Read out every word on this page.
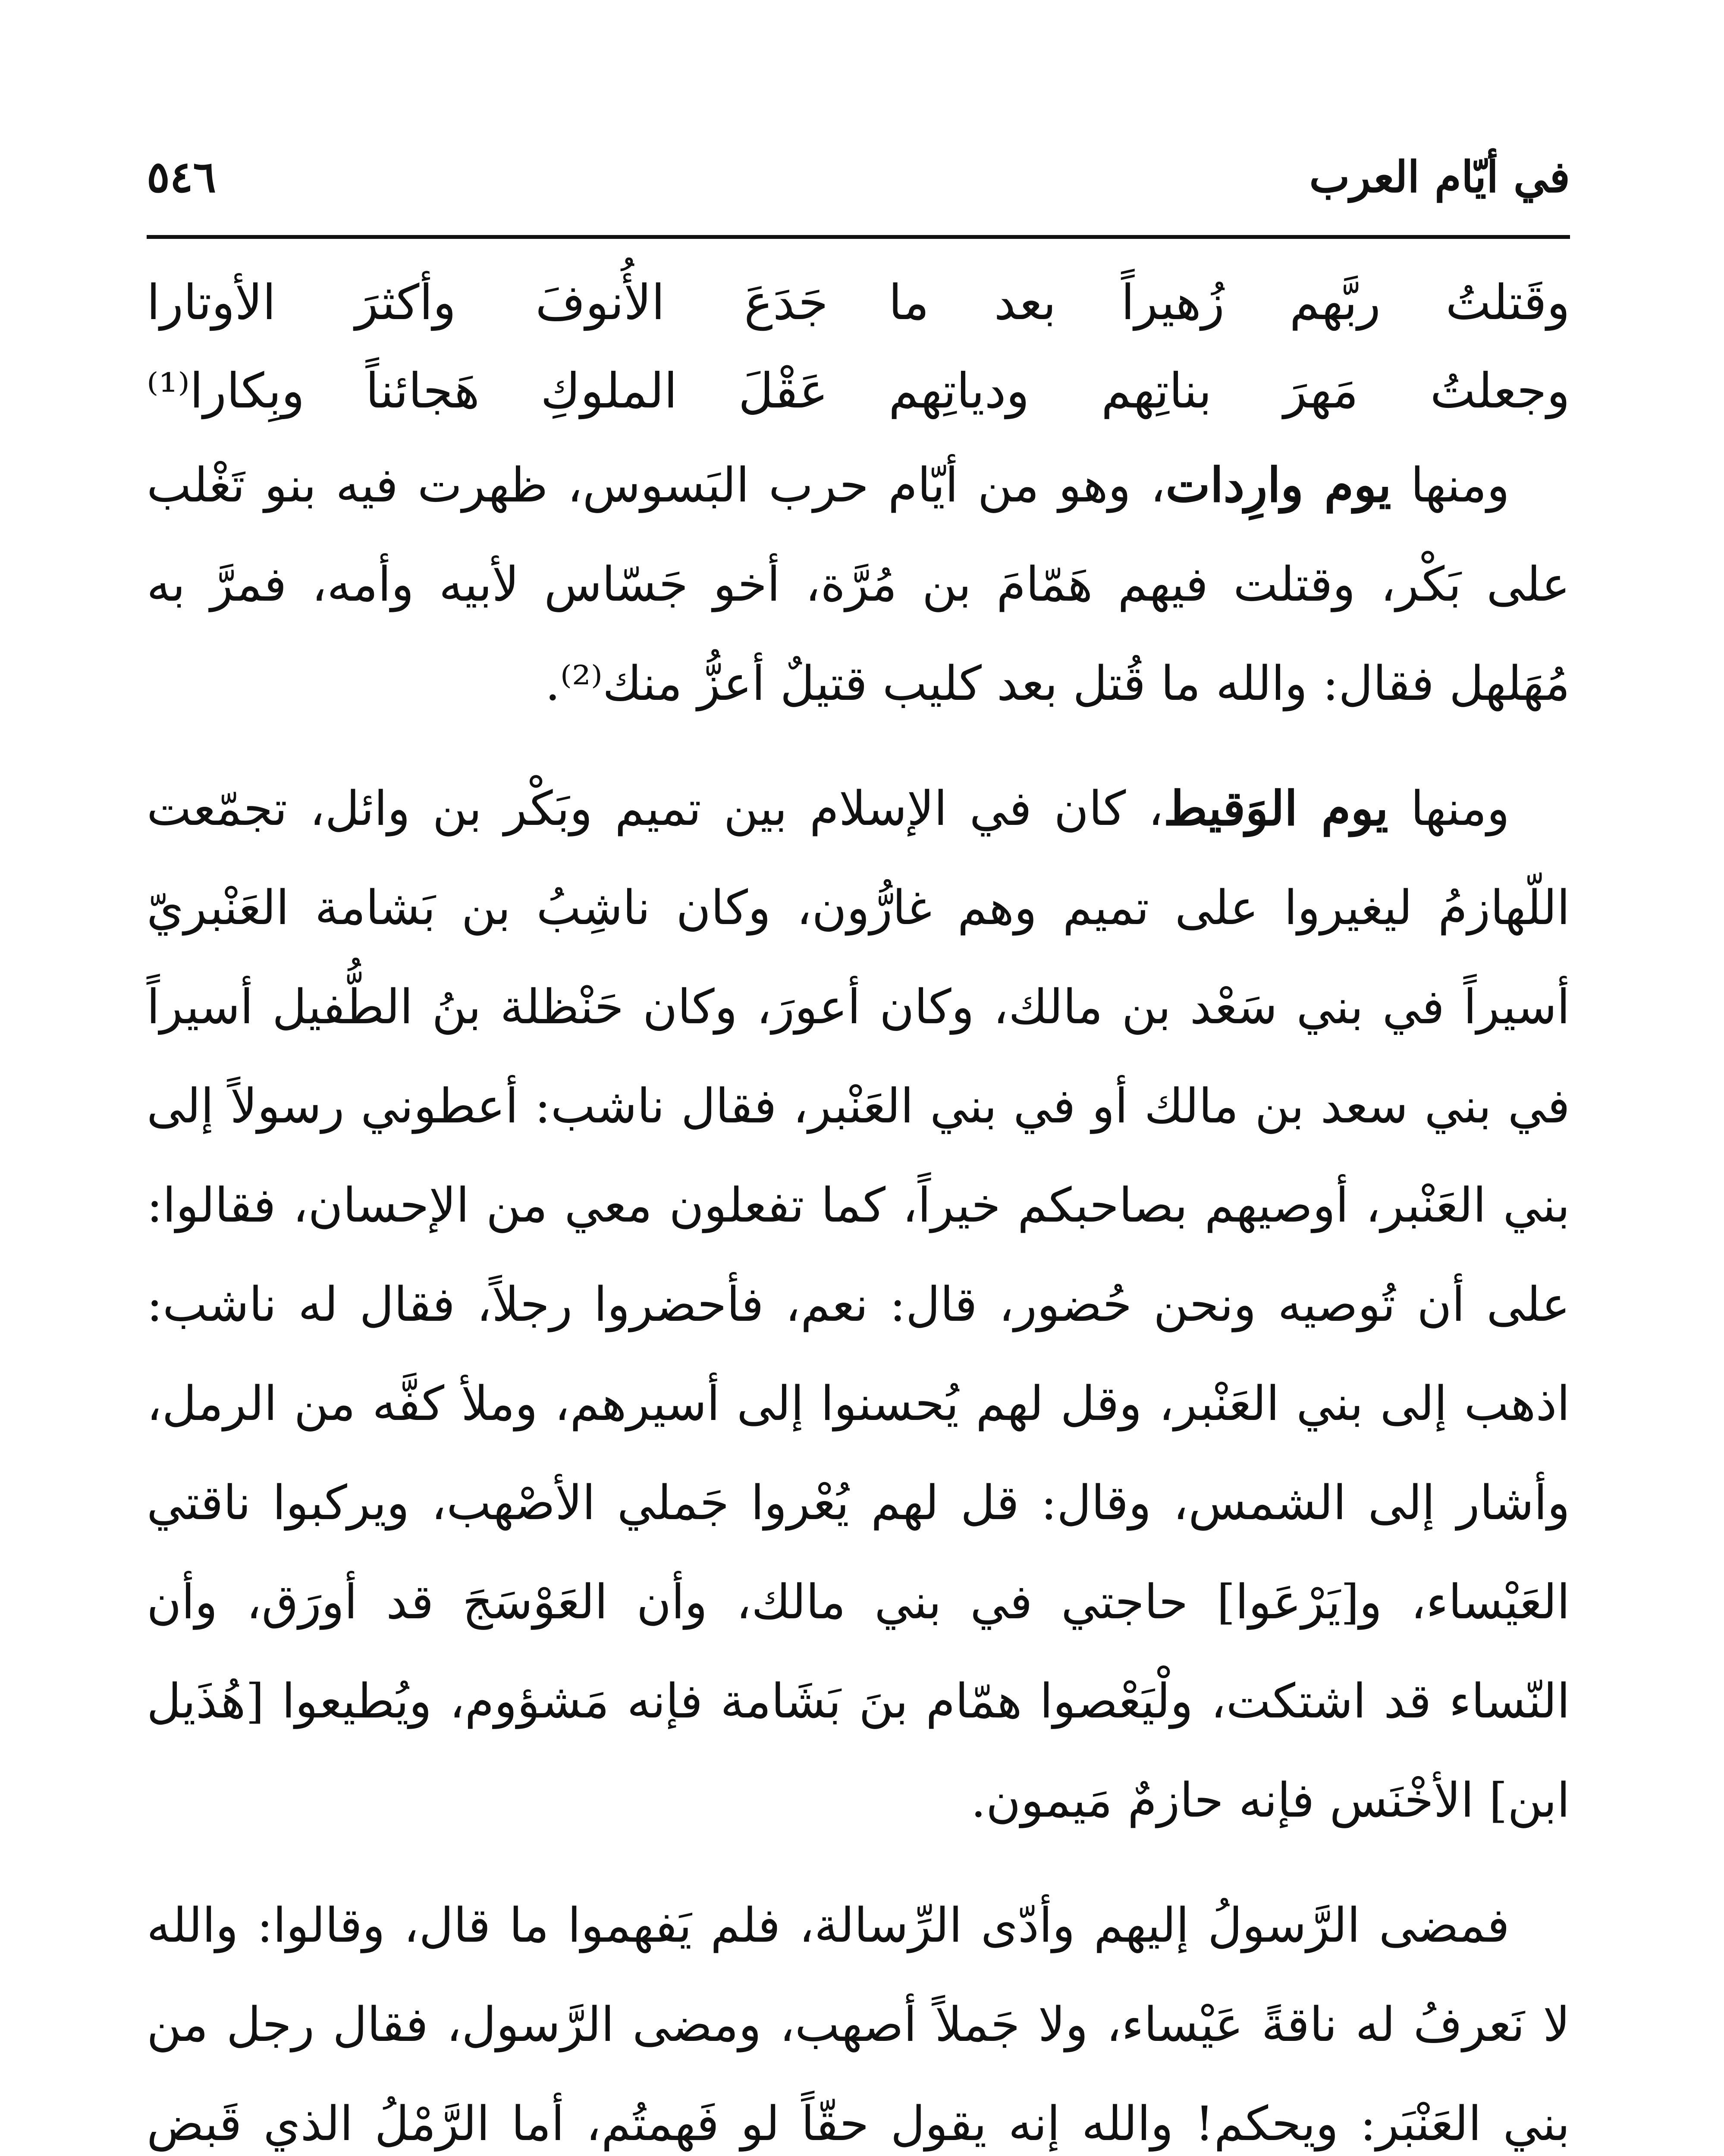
في أيّام العرب
٥٤٦
وقَتلتُ ربَّهم زُهيراً بعد ما
جَدَعَ الأُنوفَ وأكثرَ الأوتارا
وجعلتُ مَهرَ بناتِهم ودياتِهم
عَقْلَ الملوكِ هَجائناً وبِكارا⁽¹⁾

ومنها يوم وارِدات، وهو من أيّام حرب البَسوس، ظهرت فيه بنو تَغْلب على بَكْر، وقتلت فيهم هَمّامَ بن مُرَّة، أخو جَسّاس لأبيه وأمه، فمرَّ به مُهَلهل فقال: والله ما قُتل بعد كليب قتيلٌ أعزُّ منك⁽²⁾.

ومنها يوم الوَقيط، كان في الإسلام بين تميم وبَكْر بن وائل، تجمّعت اللّهازمُ ليغيروا على تميم وهم غارُّون، وكان ناشِبُ بن بَشامة العَنْبريّ أسيراً في بني سَعْد بن مالك، وكان أعورَ، وكان حَنْظلة بنُ الطُّفيل أسيراً في بني سعد بن مالك أو في بني العَنْبر، فقال ناشب: أعطوني رسولاً إلى بني العَنْبر، أوصيهم بصاحبكم خيراً، كما تفعلون معي من الإحسان، فقالوا: على أن تُوصيه ونحن حُضور، قال: نعم، فأحضروا رجلاً، فقال له ناشب: اذهب إلى بني العَنْبر، وقل لهم يُحسنوا إلى أسيرهم، وملأ كفَّه من الرمل، وأشار إلى الشمس، وقال: قل لهم يُعْروا جَملي الأصْهب، ويركبوا ناقتي العَيْساء، و[يَرْعَوا] حاجتي في بني مالك، وأن العَوْسَجَ قد أورَق، وأن النّساء قد اشتكت، ولْيَعْصوا همّام بنَ بَشَامة فإنه مَشؤوم، ويُطيعوا [هُذَيل ابن] الأخْنَس فإنه حازمٌ مَيمون.

فمضى الرَّسولُ إليهم وأدّى الرِّسالة، فلم يَفهموا ما قال، وقالوا: والله لا نَعرفُ له ناقةً عَيْساء، ولا جَملاً أصهب، ومضى الرَّسول، فقال رجل من بني العَنْبَر: ويحكم! والله إنه يقول حقّاً لو فَهمتُم، أما الرَّمْلُ الذي قَبض
